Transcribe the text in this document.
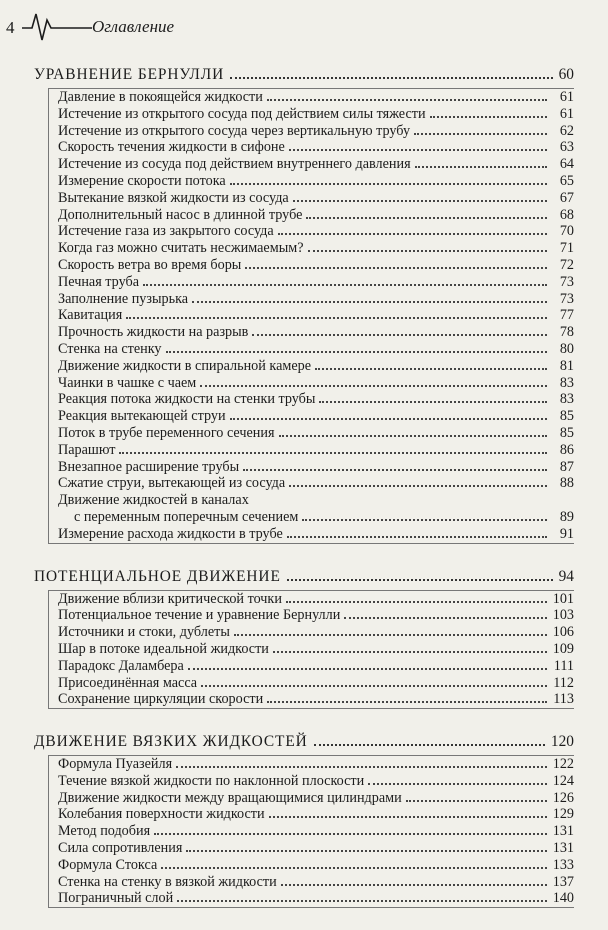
4	Оглавление
УРАВНЕНИЕ БЕРНУЛЛИ	60
Давление в покоящейся жидкости	61
Истечение из открытого сосуда под действием силы тяжести	61
Истечение из открытого сосуда через вертикальную трубу	62
Скорость течения жидкости в сифоне	63
Истечение из сосуда под действием внутреннего давления	64
Измерение скорости потока	65
Вытекание вязкой жидкости из сосуда	67
Дополнительный насос в длинной трубе	68
Истечение газа из закрытого сосуда	70
Когда газ можно считать несжимаемым?	71
Скорость ветра во время боры	72
Печная труба	73
Заполнение пузырька	73
Кавитация	77
Прочность жидкости на разрыв	78
Стенка на стенку	80
Движение жидкости в спиральной камере	81
Чаинки в чашке с чаем	83
Реакция потока жидкости на стенки трубы	83
Реакция вытекающей струи	85
Поток в трубе переменного сечения	85
Парашют	86
Внезапное расширение трубы	87
Сжатие струи, вытекающей из сосуда	88
Движение жидкостей в каналах
с переменным поперечным сечением	89
Измерение расхода жидкости в трубе	91
ПОТЕНЦИАЛЬНОЕ ДВИЖЕНИЕ	94
Движение вблизи критической точки	101
Потенциальное течение и уравнение Бернулли	103
Источники и стоки, дублеты	106
Шар в потоке идеальной жидкости	109
Парадокс Даламбера	111
Присоединённая масса	112
Сохранение циркуляции скорости	113
ДВИЖЕНИЕ ВЯЗКИХ ЖИДКОСТЕЙ	120
Формула Пуазейля	122
Течение вязкой жидкости по наклонной плоскости	124
Движение жидкости между вращающимися цилиндрами	126
Колебания поверхности жидкости	129
Метод подобия	131
Сила сопротивления	131
Формула Стокса	133
Стенка на стенку в вязкой жидкости	137
Пограничный слой	140
